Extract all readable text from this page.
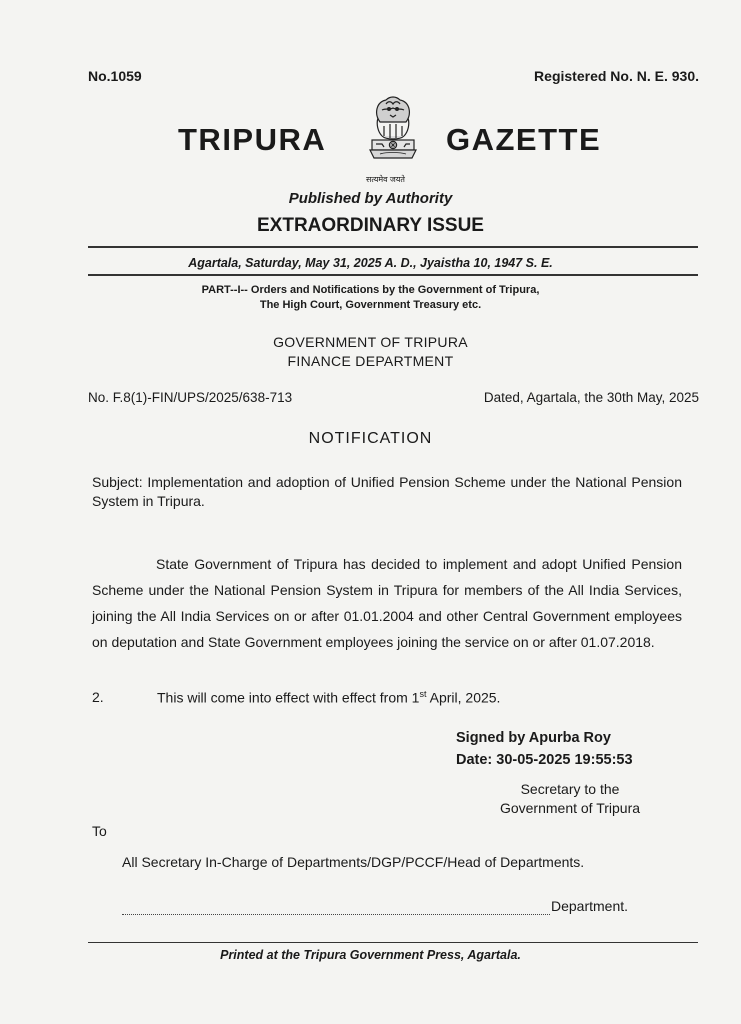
No.1059	Registered No. N. E. 930.
TRIPURA	GAZETTE
सत्यमेव जयते
Published by Authority
EXTRAORDINARY ISSUE
Agartala, Saturday, May 31, 2025 A. D., Jyaistha 10, 1947 S. E.
PART--I-- Orders and Notifications by the Government of Tripura,
The High Court, Government Treasury etc.
GOVERNMENT OF TRIPURA
FINANCE DEPARTMENT
No. F.8(1)-FIN/UPS/2025/638-713	Dated, Agartala, the 30th May, 2025
NOTIFICATION
Subject: Implementation and adoption of Unified Pension Scheme under the National Pension System in Tripura.
State Government of Tripura has decided to implement and adopt Unified Pension Scheme under the National Pension System in Tripura for members of the All India Services, joining the All India Services on or after 01.01.2004 and other Central Government employees on deputation and State Government employees joining the service on or after 01.07.2018.
2.	This will come into effect with effect from 1st April, 2025.
Signed by Apurba Roy
Date: 30-05-2025 19:55:53
Secretary to the
Government of Tripura
To
All Secretary In-Charge of Departments/DGP/PCCF/Head of Departments.
Department.
Printed at the Tripura Government Press, Agartala.
